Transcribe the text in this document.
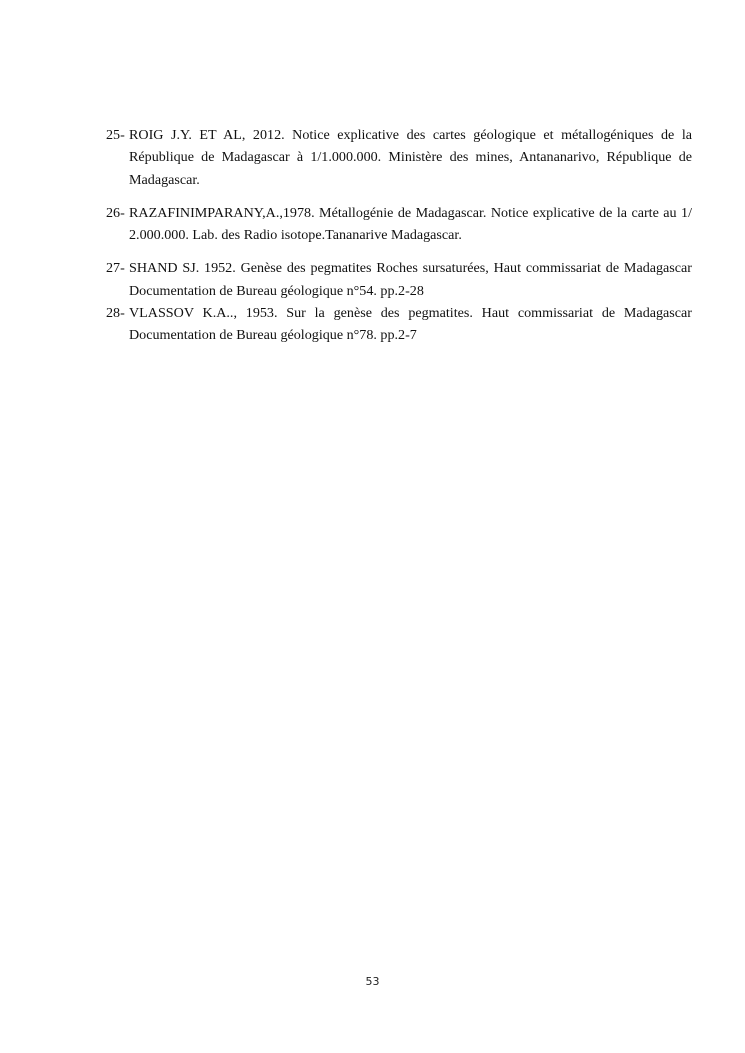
25- ROIG J.Y. ET AL, 2012. Notice explicative des cartes géologique et métallogéniques de la République de Madagascar à 1/1.000.000. Ministère des mines, Antananarivo, République de Madagascar.
26- RAZAFINIMPARANY,A.,1978. Métallogénie de Madagascar. Notice explicative de la carte au 1/ 2.000.000. Lab. des Radio isotope.Tananarive Madagascar.
27- SHAND SJ. 1952. Genèse des pegmatites Roches sursaturées, Haut commissariat de Madagascar Documentation de Bureau géologique n°54. pp.2-28
28- VLASSOV K.A.., 1953. Sur la genèse des pegmatites. Haut commissariat de Madagascar Documentation de Bureau géologique n°78. pp.2-7
53
